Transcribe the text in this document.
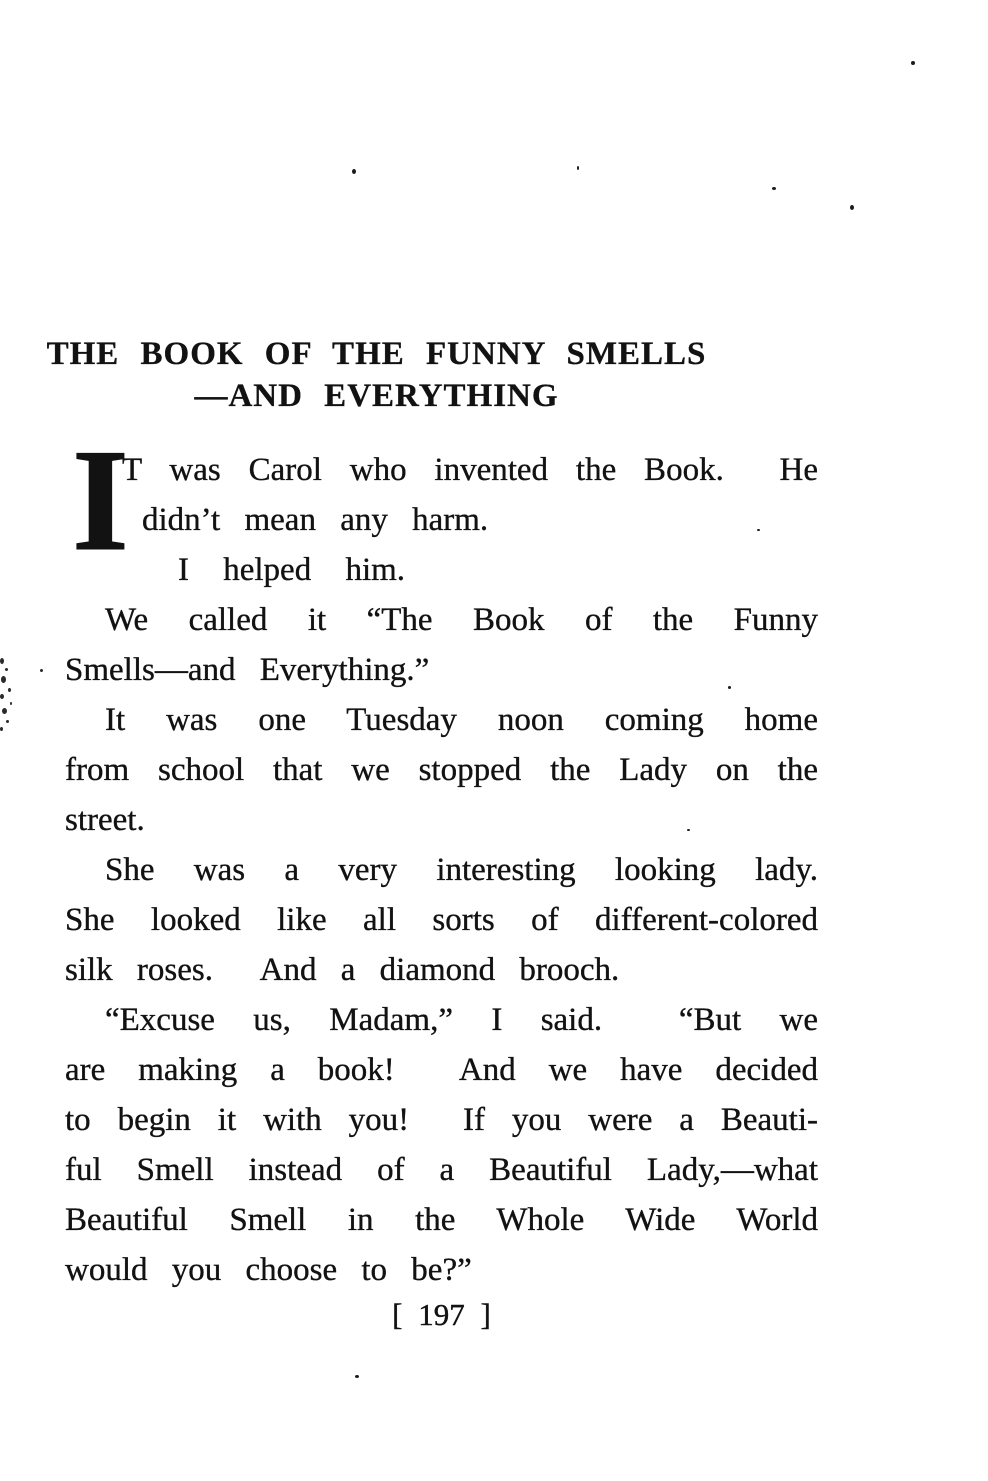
THE BOOK OF THE FUNNY SMELLS
—AND EVERYTHING
I
T was Carol who invented the Book.  He
didn’t mean any harm.
I helped him.
We called it “The Book of the Funny
Smells—and Everything.”
It was one Tuesday noon coming home
from school that we stopped the Lady on the
street.
She was a very interesting looking lady.
She looked like all sorts of different-colored
silk roses.  And a diamond brooch.
“Excuse us, Madam,” I said.  “But we
are making a book!  And we have decided
to begin it with you!  If you were a Beauti-
ful Smell instead of a Beautiful Lady,—what
Beautiful Smell in the Whole Wide World
would you choose to be?”
[ 197 ]
